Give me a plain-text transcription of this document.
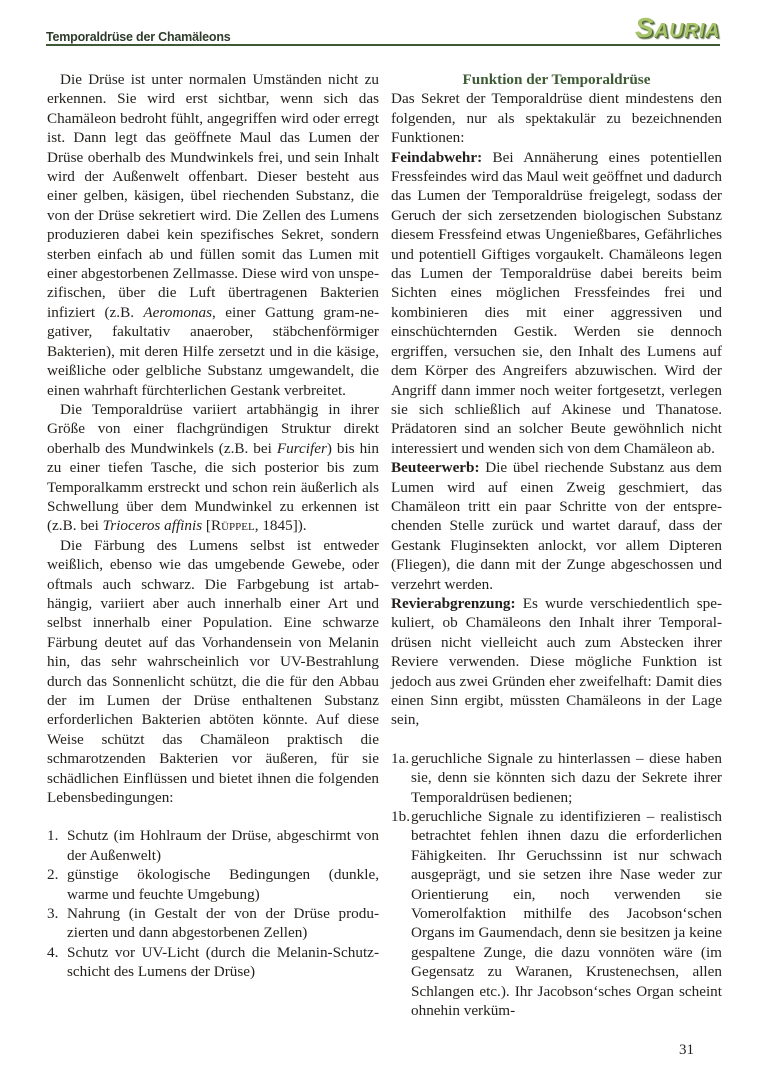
Temporaldrüse der Chamäleons	SAURIA

Die Drüse ist unter normalen Umständen nicht zu erkennen. Sie wird erst sichtbar, wenn sich das Chamäleon bedroht fühlt, angegriffen wird oder erregt ist. Dann legt das geöffnete Maul das Lumen der Drüse oberhalb des Mundwinkels frei, und sein Inhalt wird der Außenwelt offenbart. Dieser besteht aus einer gelben, käsigen, übel riechenden Substanz, die von der Drüse sekretiert wird. Die Zellen des Lumens produzieren dabei kein spezifisches Sekret, sondern sterben einfach ab und füllen somit das Lumen mit einer abgestorbenen Zellmasse. Diese wird von unspezifischen, über die Luft übertragenen Bakterien infiziert (z.B. Aeromonas, einer Gattung gram-negativer, fakultativ anaerober, stäbchenförmiger Bakterien), mit deren Hilfe zersetzt und in die käsige, weißliche oder gelbliche Substanz umgewandelt, die einen wahrhaft fürchterlichen Gestank verbreitet.

Die Temporaldrüse variiert artabhängig in ihrer Größe von einer flachgründigen Struktur direkt oberhalb des Mundwinkels (z.B. bei Furcifer) bis hin zu einer tiefen Tasche, die sich posterior bis zum Temporalkamm erstreckt und schon rein äußerlich als Schwellung über dem Mundwinkel zu erkennen ist (z.B. bei Trioceros affinis [Rüppel, 1845]).

Die Färbung des Lumens selbst ist entweder weißlich, ebenso wie das umgebende Gewebe, oder oftmals auch schwarz. Die Farbgebung ist artabhängig, variiert aber auch innerhalb einer Art und selbst innerhalb einer Population. Eine schwarze Färbung deutet auf das Vorhandensein von Melanin hin, das sehr wahrscheinlich vor UV-Bestrahlung durch das Sonnenlicht schützt, die die für den Abbau der im Lumen der Drüse enthaltenen Substanz erforderlichen Bakterien abtöten könnte. Auf diese Weise schützt das Chamäleon praktisch die schmarotzenden Bakterien vor äußeren, für sie schädlichen Einflüssen und bietet ihnen die folgenden Lebensbedingungen:

1. Schutz (im Hohlraum der Drüse, abgeschirmt von der Außenwelt)
2. günstige ökologische Bedingungen (dunkle, warme und feuchte Umgebung)
3. Nahrung (in Gestalt der von der Drüse produzierten und dann abgestorbenen Zellen)
4. Schutz vor UV-Licht (durch die Melanin-Schutzschicht des Lumens der Drüse)

Funktion der Temporaldrüse

Das Sekret der Temporaldrüse dient mindestens den folgenden, nur als spektakulär zu bezeichnenden Funktionen:

Feindabwehr: Bei Annäherung eines potentiellen Fressfeindes wird das Maul weit geöffnet und dadurch das Lumen der Temporaldrüse freigelegt, sodass der Geruch der sich zersetzenden biologischen Substanz diesem Fressfeind etwas Ungenießbares, Gefährliches und potentiell Giftiges vorgaukelt. Chamäleons legen das Lumen der Temporaldrüse dabei bereits beim Sichten eines möglichen Fressfeindes frei und kombinieren dies mit einer aggressiven und einschüchternden Gestik. Werden sie dennoch ergriffen, versuchen sie, den Inhalt des Lumens auf dem Körper des Angreifers abzuwischen. Wird der Angriff dann immer noch weiter fortgesetzt, verlegen sie sich schließlich auf Akinese und Thanatose. Prädatoren sind an solcher Beute gewöhnlich nicht interessiert und wenden sich von dem Chamäleon ab.

Beuteerwerb: Die übel riechende Substanz aus dem Lumen wird auf einen Zweig geschmiert, das Chamäleon tritt ein paar Schritte von der entsprechenden Stelle zurück und wartet darauf, dass der Gestank Fluginsekten anlockt, vor allem Dipteren (Fliegen), die dann mit der Zunge abgeschossen und verzehrt werden.

Revierabgrenzung: Es wurde verschiedentlich spekuliert, ob Chamäleons den Inhalt ihrer Temporaldrüsen nicht vielleicht auch zum Abstecken ihrer Reviere verwenden. Diese mögliche Funktion ist jedoch aus zwei Gründen eher zweifelhaft: Damit dies einen Sinn ergibt, müssten Chamäleons in der Lage sein,

1a. geruchliche Signale zu hinterlassen – diese haben sie, denn sie könnten sich dazu der Sekrete ihrer Temporaldrüsen bedienen;
1b. geruchliche Signale zu identifizieren – realistisch betrachtet fehlen ihnen dazu die erforderlichen Fähigkeiten. Ihr Geruchssinn ist nur schwach ausgeprägt, und sie setzen ihre Nase weder zur Orientierung ein, noch verwenden sie Vomerolfaktion mithilfe des Jacobson‘schen Organs im Gaumendach, denn sie besitzen ja keine gespaltene Zunge, die dazu vonnöten wäre (im Gegensatz zu Waranen, Krustenechsen, allen Schlangen etc.). Ihr Jacobson‘sches Organ scheint ohnehin verküm-
31
